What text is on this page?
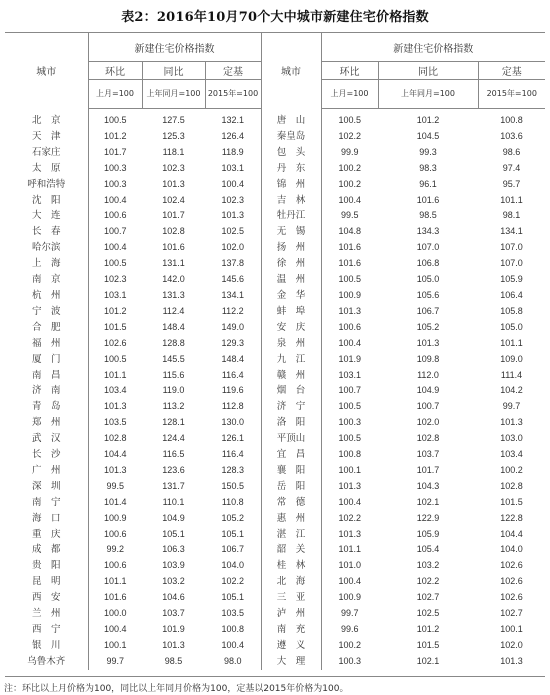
表2：2016年10月70个大中城市新建住宅价格指数
城市	新建住宅价格指数			城市	新建住宅价格指数		
	环比	同比	定基		环比	同比	定基
	上月=100	上年同月=100	2015年=100		上月=100	上年同月=100	2015年=100
北　京	100.5	127.5	132.1	唐　山	100.5	101.2	100.8
天　津	101.2	125.3	126.4	秦皇岛	102.2	104.5	103.6
石家庄	101.7	118.1	118.9	包　头	99.9	99.3	98.6
太　原	100.3	102.3	103.1	丹　东	100.2	98.3	97.4
呼和浩特	100.3	101.3	100.4	锦　州	100.2	96.1	95.7
沈　阳	100.4	102.4	102.3	吉　林	100.4	101.6	101.1
大　连	100.6	101.7	101.3	牡丹江	99.5	98.5	98.1
长　春	100.7	102.8	102.5	无　锡	104.8	134.3	134.1
哈尔滨	100.4	101.6	102.0	扬　州	101.6	107.0	107.0
上　海	100.5	131.1	137.8	徐　州	101.6	106.8	107.0
南　京	102.3	142.0	145.6	温　州	100.5	105.0	105.9
杭　州	103.1	131.3	134.1	金　华	100.9	105.6	106.4
宁　波	101.2	112.4	112.2	蚌　埠	101.3	106.7	105.8
合　肥	101.5	148.4	149.0	安　庆	100.6	105.2	105.0
福　州	102.6	128.8	129.3	泉　州	100.4	101.3	101.1
厦　门	100.5	145.5	148.4	九　江	101.9	109.8	109.0
南　昌	101.1	115.6	116.4	赣　州	103.1	112.0	111.4
济　南	103.4	119.0	119.6	烟　台	100.7	104.9	104.2
青　岛	101.3	113.2	112.8	济　宁	100.5	100.7	99.7
郑　州	103.5	128.1	130.0	洛　阳	100.3	102.0	101.3
武　汉	102.8	124.4	126.1	平顶山	100.5	102.8	103.0
长　沙	104.4	116.5	116.4	宜　昌	100.8	103.7	103.4
广　州	101.3	123.6	128.3	襄　阳	100.1	101.7	100.2
深　圳	99.5	131.7	150.5	岳　阳	101.3	104.3	102.8
南　宁	101.4	110.1	110.8	常　德	100.4	102.1	101.5
海　口	100.9	104.9	105.2	惠　州	102.2	122.9	122.8
重　庆	100.6	105.1	105.1	湛　江	101.3	105.9	104.4
成　都	99.2	106.3	106.7	韶　关	101.1	105.4	104.0
贵　阳	100.6	103.9	104.0	桂　林	101.0	103.2	102.6
昆　明	101.1	103.2	102.2	北　海	100.4	102.2	102.6
西　安	101.6	104.6	105.1	三　亚	100.9	102.7	102.6
兰　州	100.0	103.7	103.5	泸　州	99.7	102.5	102.7
西　宁	100.4	101.9	100.8	南　充	99.6	101.2	100.1
银　川	100.1	101.3	100.4	遵　义	100.2	101.5	102.0
乌鲁木齐	99.7	98.5	98.0	大　理	100.3	102.1	101.3
注：环比以上月价格为100，同比以上年同月价格为100，定基以2015年价格为100。
